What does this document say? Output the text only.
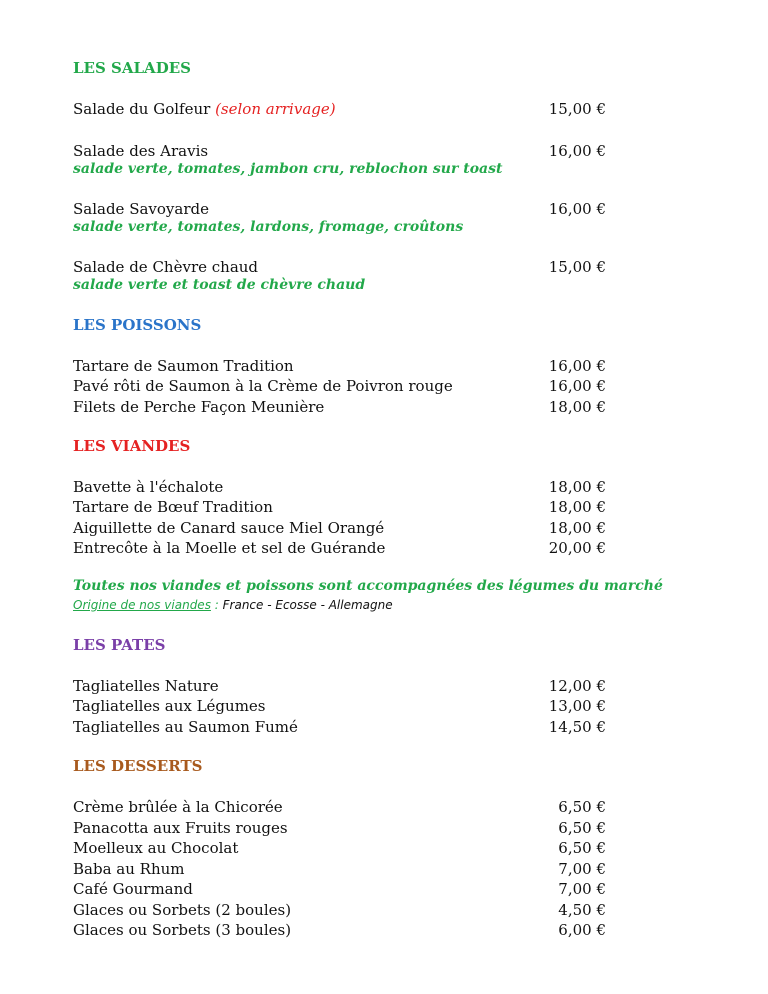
LES SALADES
Salade du Golfeur (selon arrivage)	15,00 €
Salade des Aravis	16,00 €
salade verte, tomates, jambon cru, reblochon sur toast
Salade Savoyarde	16,00 €
salade verte, tomates, lardons, fromage, croûtons
Salade de Chèvre chaud	15,00 €
salade verte et toast de chèvre chaud
LES POISSONS
Tartare de Saumon Tradition	16,00 €
Pavé rôti de Saumon à la Crème de Poivron rouge	16,00 €
Filets de Perche Façon Meunière	18,00 €
LES VIANDES
Bavette à l'échalote	18,00 €
Tartare de Bœuf Tradition	18,00 €
Aiguillette de Canard sauce Miel Orangé	18,00 €
Entrecôte à la Moelle et sel de Guérande	20,00 €
Toutes nos viandes et poissons sont accompagnées des légumes du marché
Origine de nos viandes : France - Ecosse - Allemagne
LES PATES
Tagliatelles Nature	12,00 €
Tagliatelles aux Légumes	13,00 €
Tagliatelles au Saumon Fumé	14,50 €
LES DESSERTS
Crème brûlée à la Chicorée	6,50 €
Panacotta aux Fruits rouges	6,50 €
Moelleux au Chocolat	6,50 €
Baba au Rhum	7,00 €
Café Gourmand	7,00 €
Glaces ou Sorbets (2 boules)	4,50 €
Glaces ou Sorbets (3 boules)	6,00 €
